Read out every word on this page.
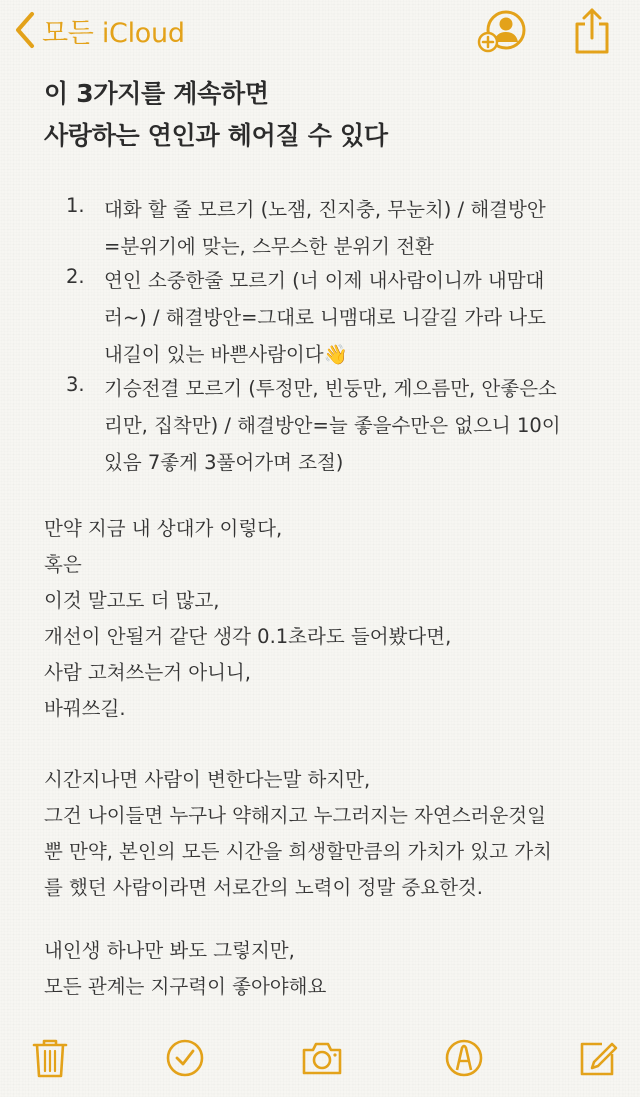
모든 iCloud
이 3가지를 계속하면
사랑하는 연인과 헤어질 수 있다
1. 대화 할 줄 모르기 (노잼, 진지충, 무눈치) / 해결방안
=분위기에 맞는, 스무스한 분위기 전환
2. 연인 소중한줄 모르기 (너 이제 내사람이니까 내맘대
러~) / 해결방안=그대로 니맴대로 니갈길 가라 나도
내길이 있는 바쁜사람이다👋
3. 기승전결 모르기 (투정만, 빈둥만, 게으름만, 안좋은소
리만, 집착만) / 해결방안=늘 좋을수만은 없으니 10이
있음 7좋게 3풀어가며 조절)
만약 지금 내 상대가 이렇다,
혹은
이것 말고도 더 많고,
개선이 안될거 같단 생각 0.1초라도 들어봤다면,
사람 고쳐쓰는거 아니니,
바꿔쓰길.
시간지나면 사람이 변한다는말 하지만,
그건 나이들면 누구나 약해지고 누그러지는 자연스러운것일
뿐 만약, 본인의 모든 시간을 희생할만큼의 가치가 있고 가치
를 했던 사람이라면 서로간의 노력이 정말 중요한것.
내인생 하나만 봐도 그렇지만,
모든 관계는 지구력이 좋아야해요
